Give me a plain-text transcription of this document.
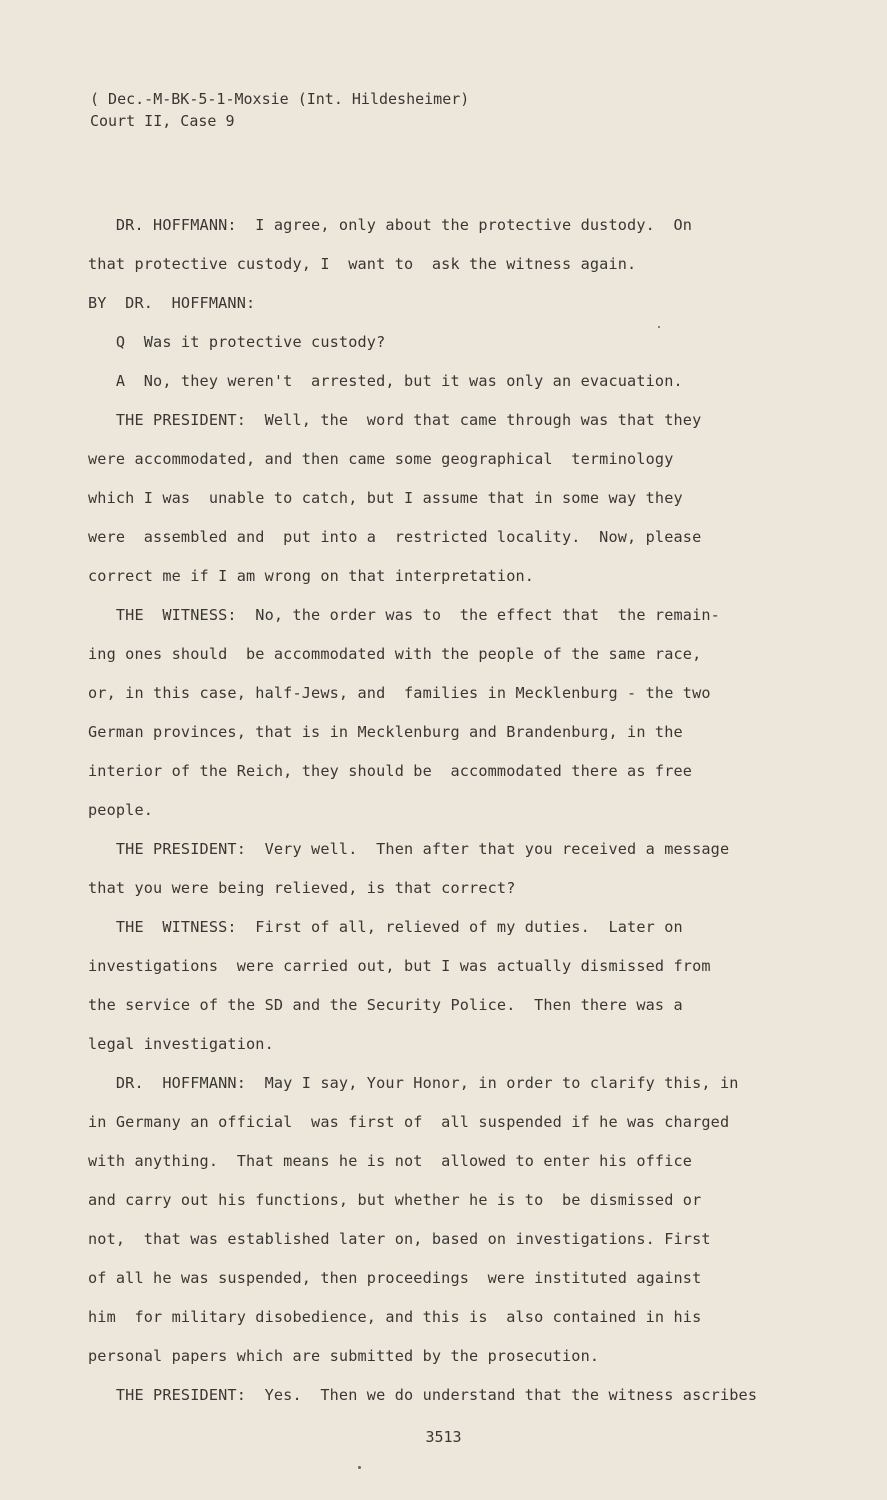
( Dec.-M-BK-5-1-Moxsie (Int. Hildesheimer)
Court II, Case 9
DR. HOFFMANN:  I agree, only about the protective dustody.  On
that protective custody, I  want to  ask the witness again.
BY  DR.  HOFFMANN:
Q  Was it protective custody?
A  No, they weren't  arrested, but it was only an evacuation.
THE PRESIDENT:  Well, the  word that came through was that they
were accommodated, and then came some geographical  terminology
which I was  unable to catch, but I assume that in some way they
were  assembled and  put into a  restricted locality.  Now, please
correct me if I am wrong on that interpretation.
THE  WITNESS:  No, the order was to  the effect that  the remain-
ing ones should  be accommodated with the people of the same race,
or, in this case, half-Jews, and  families in Mecklenburg - the two
German provinces, that is in Mecklenburg and Brandenburg, in the
interior of the Reich, they should be  accommodated there as free
people.
THE PRESIDENT:  Very well.  Then after that you received a message
that you were being relieved, is that correct?
THE  WITNESS:  First of all, relieved of my duties.  Later on
investigations  were carried out, but I was actually dismissed from
the service of the SD and the Security Police.  Then there was a
legal investigation.
DR.  HOFFMANN:  May I say, Your Honor, in order to clarify this, in
in Germany an official  was first of  all suspended if he was charged
with anything.  That means he is not  allowed to enter his office
and carry out his functions, but whether he is to  be dismissed or
not,  that was established later on, based on investigations. First
of all he was suspended, then proceedings  were instituted against
him  for military disobedience, and this is  also contained in his
personal papers which are submitted by the prosecution.
THE PRESIDENT:  Yes.  Then we do understand that the witness ascribes
3513
